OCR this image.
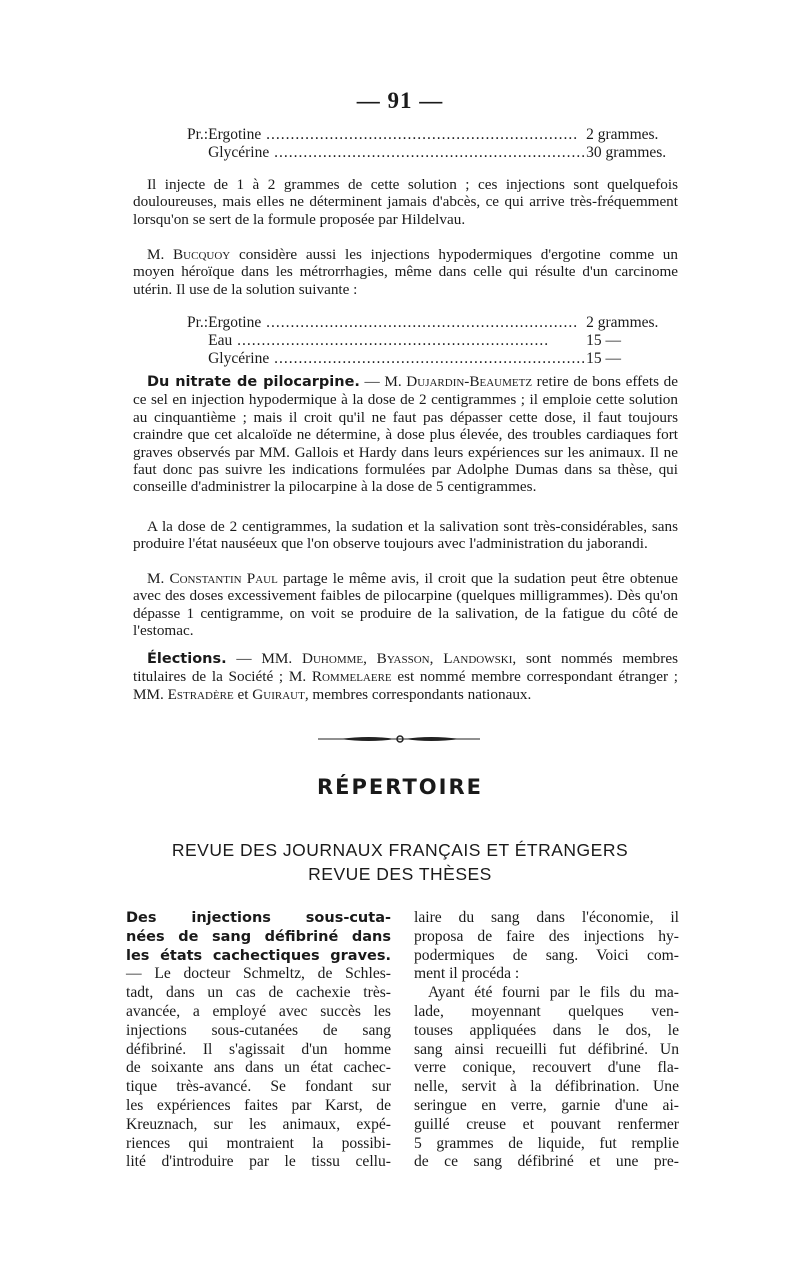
— 91 —
Pr.:	Ergotine .....	2 grammes.
	Glycérine .....	30 grammes.

Il injecte de 1 à 2 grammes de cette solution ; ces injections sont quelquefois douloureuses, mais elles ne déterminent jamais d'abcès, ce qui arrive très-fréquemment lorsqu'on se sert de la formule proposée par Hildelvau.

M. Bucquoy considère aussi les injections hypodermiques d'ergotine comme un moyen héroïque dans les métrorrhagies, même dans celle qui résulte d'un carcinome utérin. Il use de la solution suivante :

Pr.:	Ergotine .....	2 grammes.
	Eau .....	15 —
	Glycérine .....	15 —

Du nitrate de pilocarpine. — M. Dujardin-Beaumetz retire de bons effets de ce sel en injection hypodermique à la dose de 2 centigrammes ; il emploie cette solution au cinquantième ; mais il croit qu'il ne faut pas dépasser cette dose, il faut toujours craindre que cet alcaloïde ne détermine, à dose plus élevée, des troubles cardiaques fort graves observés par MM. Gallois et Hardy dans leurs expériences sur les animaux. Il ne faut donc pas suivre les indications formulées par Adolphe Dumas dans sa thèse, qui conseille d'administrer la pilocarpine à la dose de 5 centigrammes.

A la dose de 2 centigrammes, la sudation et la salivation sont très-considérables, sans produire l'état nauséeux que l'on observe toujours avec l'administration du jaborandi.

M. Constantin Paul partage le même avis, il croit que la sudation peut être obtenue avec des doses excessivement faibles de pilocarpine (quelques milligrammes). Dès qu'on dépasse 1 centigramme, on voit se produire de la salivation, de la fatigue du côté de l'estomac.

Élections. — MM. Duhomme, Byasson, Landowski, sont nommés membres titulaires de la Société ; M. Rommelaere est nommé membre correspondant étranger ; MM. Estradère et Guiraut, membres correspondants nationaux.

RÉPERTOIRE
REVUE DES JOURNAUX FRANÇAIS ET ÉTRANGERS
REVUE DES THÈSES
Des injections sous-cuta-
nées de sang défibriné dans
les états cachectiques graves.
— Le docteur Schmeltz, de Schles-
tadt, dans un cas de cachexie très-
avancée, a employé avec succès les
injections sous-cutanées de sang
défibriné. Il s'agissait d'un homme
de soixante ans dans un état cachec-
tique très-avancé. Se fondant sur
les expériences faites par Karst, de
Kreuznach, sur les animaux, expé-
riences qui montraient la possibi-
lité d'introduire par le tissu cellu-
laire du sang dans l'économie, il
proposa de faire des injections hy-
podermiques de sang. Voici com-
ment il procéda :
Ayant été fourni par le fils du ma-
lade, moyennant quelques ven-
touses appliquées dans le dos, le
sang ainsi recueilli fut défibriné. Un
verre conique, recouvert d'une fla-
nelle, servit à la défibrination. Une
seringue en verre, garnie d'une ai-
guillé creuse et pouvant renfermer
5 grammes de liquide, fut remplie
de ce sang défibriné et une pre-
